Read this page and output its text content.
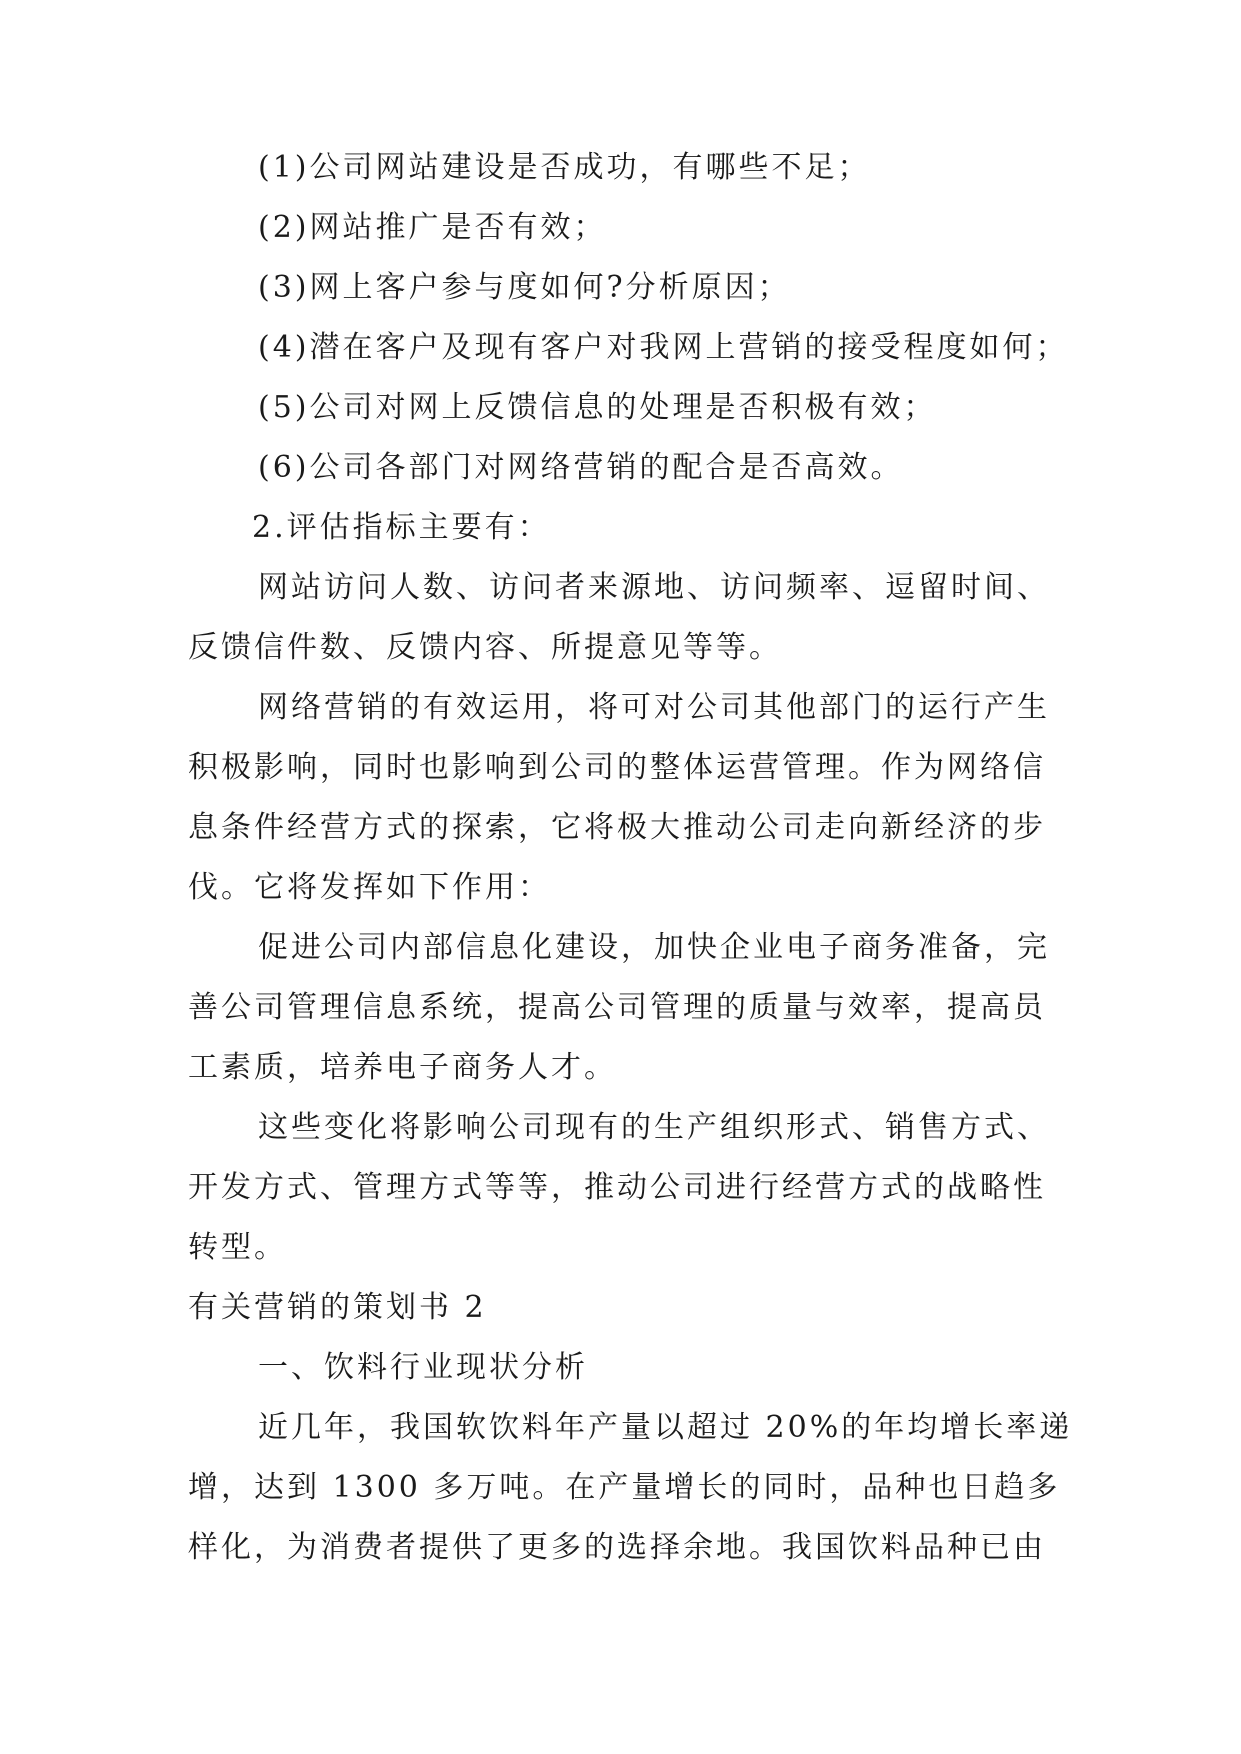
(1)公司网站建设是否成功，有哪些不足；
(2)网站推广是否有效；
(3)网上客户参与度如何?分析原因；
(4)潜在客户及现有客户对我网上营销的接受程度如何；
(5)公司对网上反馈信息的处理是否积极有效；
(6)公司各部门对网络营销的配合是否高效。
2.评估指标主要有：
网站访问人数、访问者来源地、访问频率、逗留时间、
反馈信件数、反馈内容、所提意见等等。
网络营销的有效运用，将可对公司其他部门的运行产生
积极影响，同时也影响到公司的整体运营管理。作为网络信
息条件经营方式的探索，它将极大推动公司走向新经济的步
伐。它将发挥如下作用：
促进公司内部信息化建设，加快企业电子商务准备，完
善公司管理信息系统，提高公司管理的质量与效率，提高员
工素质，培养电子商务人才。
这些变化将影响公司现有的生产组织形式、销售方式、
开发方式、管理方式等等，推动公司进行经营方式的战略性
转型。
有关营销的策划书 2
一、饮料行业现状分析
近几年，我国软饮料年产量以超过 20%的年均增长率递
增，达到 1300 多万吨。在产量增长的同时，品种也日趋多
样化，为消费者提供了更多的选择余地。我国饮料品种已由
